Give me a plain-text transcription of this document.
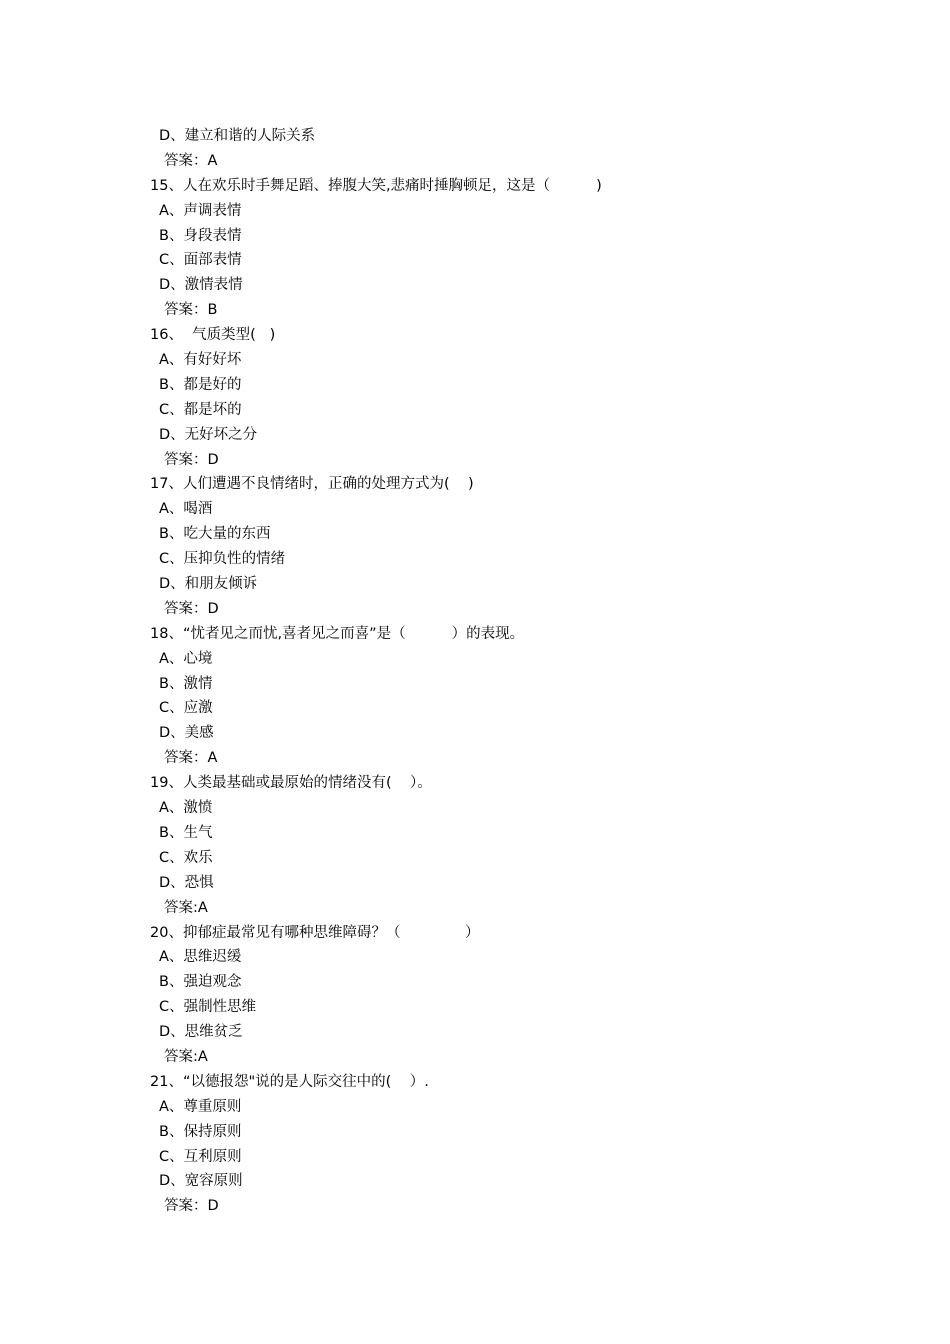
D、建立和谐的人际关系
答案：A
15、人在欢乐时手舞足蹈、捧腹大笑,悲痛时捶胸顿足，这是（          )
A、声调表情
B、身段表情
C、面部表情
D、激情表情
答案：B
16、  气质类型(   )
A、有好好坏
B、都是好的
C、都是坏的
D、无好坏之分
答案：D
17、人们遭遇不良情绪时，正确的处理方式为(    )
A、喝酒
B、吃大量的东西
C、压抑负性的情绪
D、和朋友倾诉
答案：D
18、“忧者见之而忧,喜者见之而喜”是（          ）的表现。
A、心境
B、激情
C、应激
D、美感
答案：A
19、人类最基础或最原始的情绪没有(    ）。
A、激愤
B、生气
C、欢乐
D、恐惧
答案:A
20、抑郁症最常见有哪种思维障碍？（              ）
A、思维迟缓
B、强迫观念
C、强制性思维
D、思维贫乏
答案:A
21、“以德报怨"说的是人际交往中的(    ）.
A、尊重原则
B、保持原则
C、互利原则
D、宽容原则
答案：D
